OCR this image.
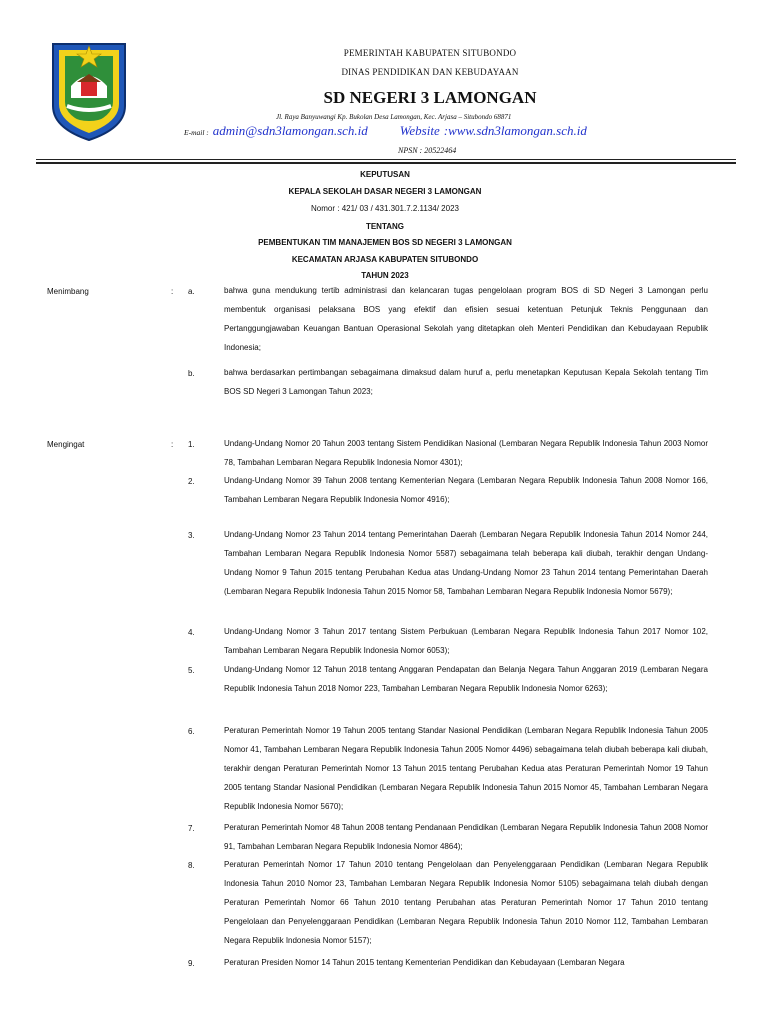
PEMERINTAH KABUPATEN SITUBONDO
DINAS PENDIDIKAN DAN KEBUDAYAAN
SD NEGERI 3 LAMONGAN
Jl. Raya Banyuwangi Kp. Bukolan Desa Lamongan, Kec. Arjasa – Situbondo 68871
E-mail : admin@sdn3lamongan.sch.id Website :www.sdn3lamongan.sch.id
NPSN : 20522464
KEPUTUSAN
KEPALA SEKOLAH DASAR NEGERI 3 LAMONGAN
Nomor : 421/ 03 / 431.301.7.2.1134/ 2023
TENTANG
PEMBENTUKAN TIM MANAJEMEN BOS SD NEGERI 3 LAMONGAN
KECAMATAN ARJASA KABUPATEN SITUBONDO
TAHUN 2023
Menimbang	: a.	bahwa guna mendukung tertib administrasi dan kelancaran tugas pengelolaan program BOS di SD Negeri 3 Lamongan perlu membentuk organisasi pelaksana BOS yang efektif dan efisien sesuai ketentuan Petunjuk Teknis Penggunaan dan Pertanggungjawaban Keuangan Bantuan Operasional Sekolah yang ditetapkan oleh Menteri Pendidikan dan Kebudayaan Republik Indonesia;
b.	bahwa berdasarkan pertimbangan sebagaimana dimaksud dalam huruf a, perlu menetapkan Keputusan Kepala Sekolah tentang Tim BOS SD Negeri 3 Lamongan Tahun 2023;
Mengingat	: 1.	Undang-Undang Nomor 20 Tahun 2003 tentang Sistem Pendidikan Nasional (Lembaran Negara Republik Indonesia Tahun 2003 Nomor 78, Tambahan Lembaran Negara Republik Indonesia Nomor 4301);
2.	Undang-Undang Nomor 39 Tahun 2008 tentang Kementerian Negara (Lembaran Negara Republik Indonesia Tahun 2008 Nomor 166, Tambahan Lembaran Negara Republik Indonesia Nomor 4916);
3.	Undang-Undang Nomor 23 Tahun 2014 tentang Pemerintahan Daerah (Lembaran Negara Republik Indonesia Tahun 2014 Nomor 244, Tambahan Lembaran Negara Republik Indonesia Nomor 5587) sebagaimana telah beberapa kali diubah, terakhir dengan Undang-Undang Nomor 9 Tahun 2015 tentang Perubahan Kedua atas Undang-Undang Nomor 23 Tahun 2014 tentang Pemerintahan Daerah (Lembaran Negara Republik Indonesia Tahun 2015 Nomor 58, Tambahan Lembaran Negara Republik Indonesia Nomor 5679);
4.	Undang-Undang Nomor 3 Tahun 2017 tentang Sistem Perbukuan (Lembaran Negara Republik Indonesia Tahun 2017 Nomor 102, Tambahan Lembaran Negara Republik Indonesia Nomor 6053);
5.	Undang-Undang Nomor 12 Tahun 2018 tentang Anggaran Pendapatan dan Belanja Negara Tahun Anggaran 2019 (Lembaran Negara Republik Indonesia Tahun 2018 Nomor 223, Tambahan Lembaran Negara Republik Indonesia Nomor 6263);
6.	Peraturan Pemerintah Nomor 19 Tahun 2005 tentang Standar Nasional Pendidikan (Lembaran Negara Republik Indonesia Tahun 2005 Nomor 41, Tambahan Lembaran Negara Republik Indonesia Tahun 2005 Nomor 4496) sebagaimana telah diubah beberapa kali diubah, terakhir dengan Peraturan Pemerintah Nomor 13 Tahun 2015 tentang Perubahan Kedua atas Peraturan Pemerintah Nomor 19 Tahun 2005 tentang Standar Nasional Pendidikan (Lembaran Negara Republik Indonesia Tahun 2015 Nomor 45, Tambahan Lembaran Negara Republik Indonesia Nomor 5670);
7.	Peraturan Pemerintah Nomor 48 Tahun 2008 tentang Pendanaan Pendidikan (Lembaran Negara Republik Indonesia Tahun 2008 Nomor 91, Tambahan Lembaran Negara Republik Indonesia Nomor 4864);
8.	Peraturan Pemerintah Nomor 17 Tahun 2010 tentang Pengelolaan dan Penyelenggaraan Pendidikan (Lembaran Negara Republik Indonesia Tahun 2010 Nomor 23, Tambahan Lembaran Negara Republik Indonesia Nomor 5105) sebagaimana telah diubah dengan Peraturan Pemerintah Nomor 66 Tahun 2010 tentang Perubahan atas Peraturan Pemerintah Nomor 17 Tahun 2010 tentang Pengelolaan dan Penyelenggaraan Pendidikan (Lembaran Negara Republik Indonesia Tahun 2010 Nomor 112, Tambahan Lembaran Negara Republik Indonesia Nomor 5157);
9.	Peraturan Presiden Nomor 14 Tahun 2015 tentang Kementerian Pendidikan dan Kebudayaan (Lembaran Negara
